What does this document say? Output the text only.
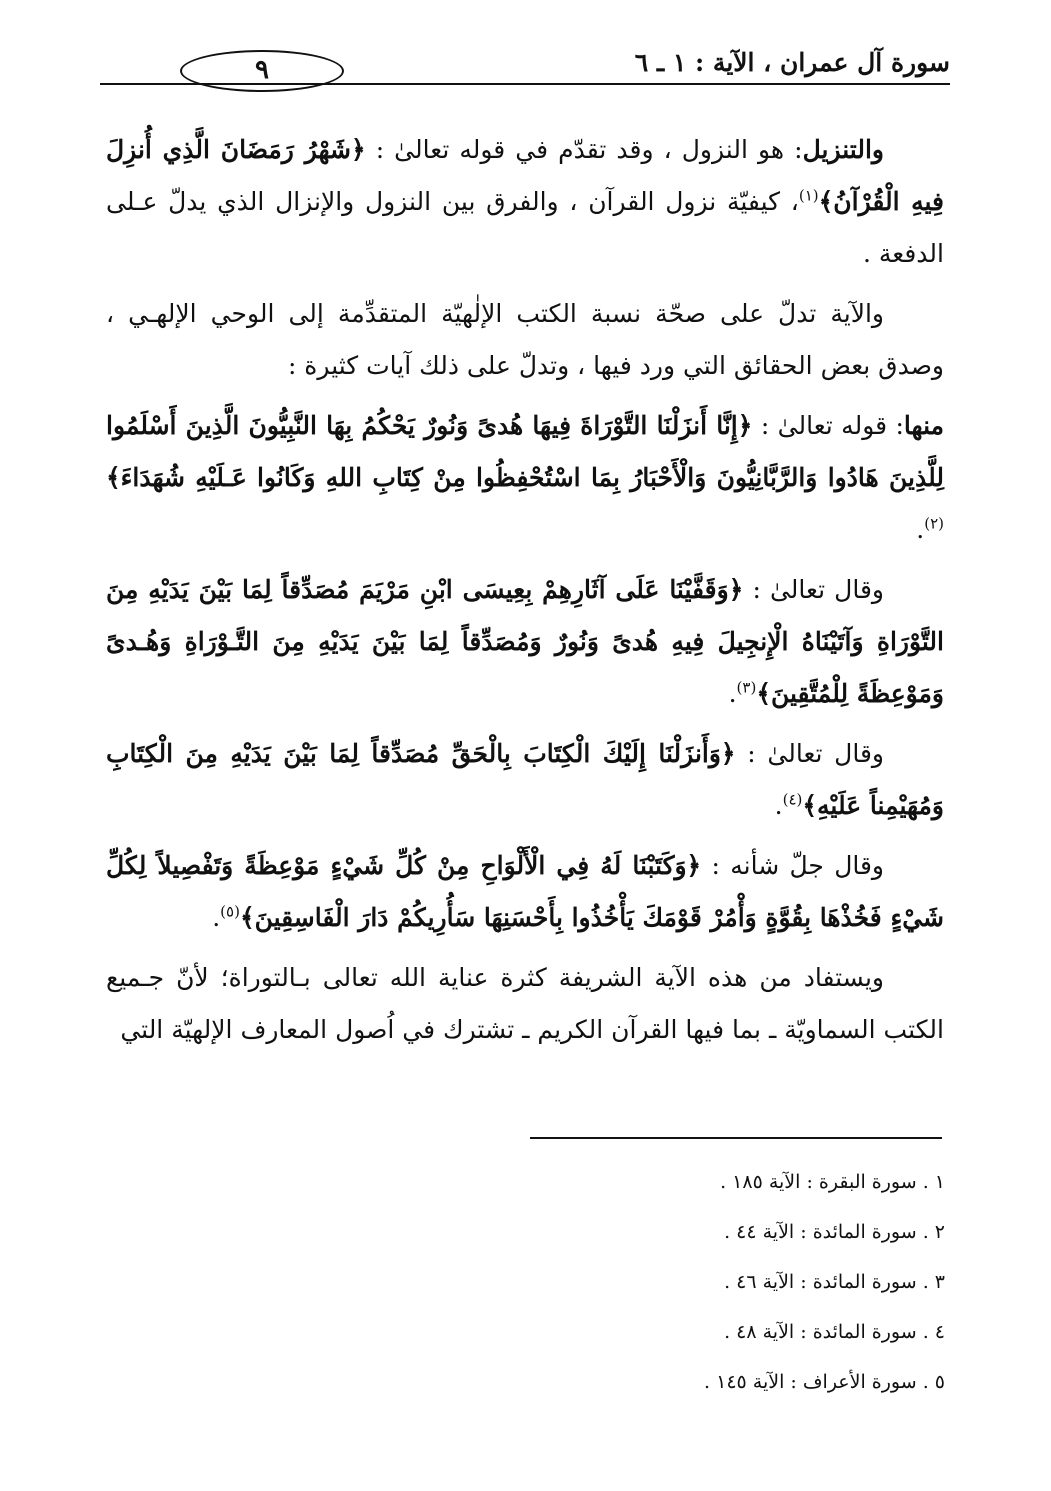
سورة آل عمران ، الآية : ١ ـ ٦
٩

والتنزيل: هو النزول ، وقد تقدّم في قوله تعالىٰ : ﴿شَهْرُ رَمَضَانَ الَّذِي أُنزِلَ فِيهِ الْقُرْآنُ﴾$^{(١)}$، كيفيّة نزول القرآن ، والفرق بين النزول والإنزال الذي يدلّ عـلى الدفعة .

والآية تدلّ على صحّة نسبة الكتب الإلٰهيّة المتقدِّمة إلى الوحي الإلهـي ، وصدق بعض الحقائق التي ورد فيها ، وتدلّ على ذلك آيات كثيرة :

منها: قوله تعالىٰ : ﴿إِنَّا أَنزَلْنَا التَّوْرَاةَ فِيهَا هُدىً وَنُورٌ يَحْكُمُ بِهَا النَّبِيُّونَ الَّذِينَ أَسْلَمُوا لِلَّذِينَ هَادُوا وَالرَّبَّانِيُّونَ وَالْأَحْبَارُ بِمَا اسْتُحْفِظُوا مِنْ كِتَابِ اللهِ وَكَانُوا عَـلَيْهِ شُهَدَاءَ﴾$^{(٢)}$.

وقال تعالىٰ : ﴿وَقَفَّيْنَا عَلَى آثَارِهِمْ بِعِيسَى ابْنِ مَرْيَمَ مُصَدِّقاً لِمَا بَيْنَ يَدَيْهِ مِنَ التَّوْرَاةِ وَآتَيْنَاهُ الْإِنجِيلَ فِيهِ هُدىً وَنُورٌ وَمُصَدِّقاً لِمَا بَيْنَ يَدَيْهِ مِنَ التَّـوْرَاةِ وَهُـدىً وَمَوْعِظَةً لِلْمُتَّقِينَ﴾$^{(٣)}$.

وقال تعالىٰ : ﴿وَأَنزَلْنَا إِلَيْكَ الْكِتَابَ بِالْحَقِّ مُصَدِّقاً لِمَا بَيْنَ يَدَيْهِ مِنَ الْكِتَابِ وَمُهَيْمِناً عَلَيْهِ﴾$^{(٤)}$.

وقال جلّ شأنه : ﴿وَكَتَبْنَا لَهُ فِي الْأَلْوَاحِ مِنْ كُلِّ شَيْءٍ مَوْعِظَةً وَتَفْصِيلاً لِكُلِّ شَيْءٍ فَخُذْهَا بِقُوَّةٍ وَأْمُرْ قَوْمَكَ يَأْخُذُوا بِأَحْسَنِهَا سَأُرِيكُمْ دَارَ الْفَاسِقِينَ﴾$^{(٥)}$.

ويستفاد من هذه الآية الشريفة كثرة عناية الله تعالى بـالتوراة؛ لأنّ جـميع الكتب السماويّة ـ بما فيها القرآن الكريم ـ تشترك في اُصول المعارف الإلهيّة التي

١ . سورة البقرة : الآية ١٨٥ .
٢ . سورة المائدة : الآية ٤٤ .
٣ . سورة المائدة : الآية ٤٦ .
٤ . سورة المائدة : الآية ٤٨ .
٥ . سورة الأعراف : الآية ١٤٥ .
